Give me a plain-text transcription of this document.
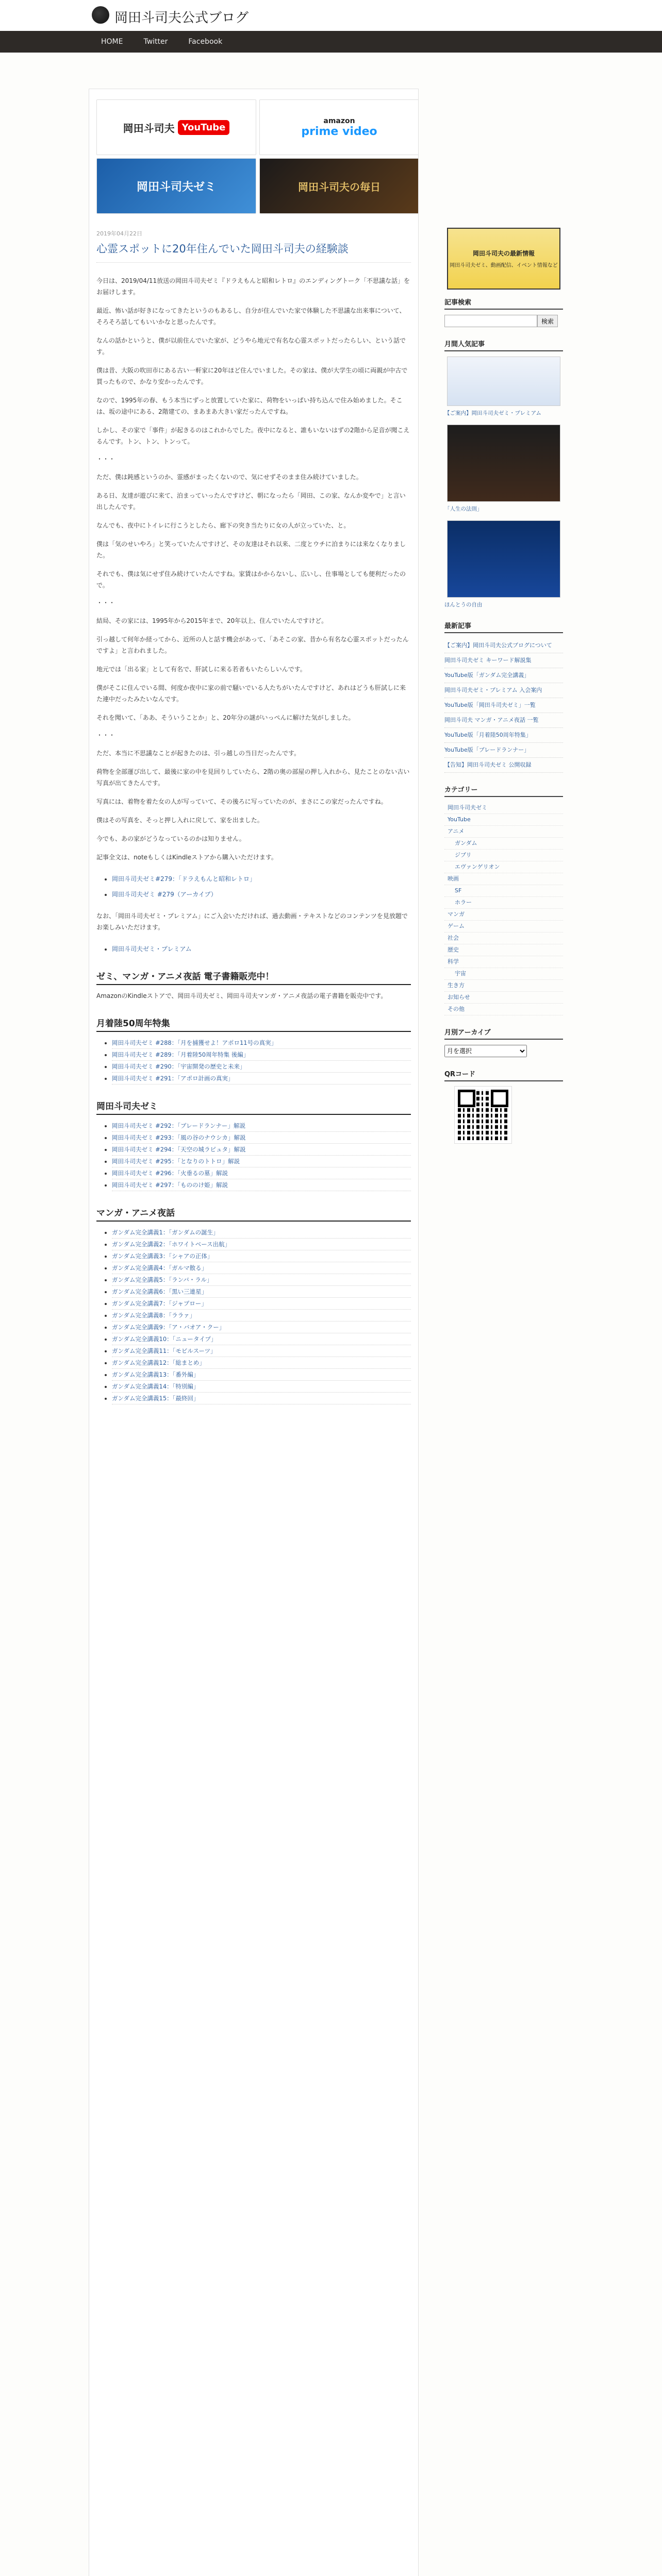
岡田斗司夫公式ブログ
HOME	Twitter	Facebook
岡田斗司夫 YouTube
amazon
prime video
岡田斗司夫ゼミ	岡田斗司夫の毎日
2019年04月22日
心霊スポットに20年住んでいた岡田斗司夫の経験談

今日は、2019/04/11放送の岡田斗司夫ゼミ『ドラえもんと昭和レトロ』のエンディングトーク「不思議な話」をお届けします。

最近、怖い話が好きになってきたというのもあるし、自分が住んでいた家で体験した不思議な出来事について、そろそろ話してもいいかなと思ったんです。

なんの話かというと、僕が以前住んでいた家が、どうやら地元で有名な心霊スポットだったらしい、という話です。

僕は昔、大阪の吹田市にある古い一軒家に20年ほど住んでいました。その家は、僕が大学生の頃に両親が中古で買ったもので、かなり安かったんです。

なので、1995年の春、もう本当にずっと放置していた家に、荷物をいっぱい持ち込んで住み始めました。そこは、坂の途中にある、2階建ての、まあまあ大きい家だったんですね。

しかし、その家で「事件」が起きるのはこれからでした。夜中になると、誰もいないはずの2階から足音が聞こえるんです。トン、トン、トンって。

・・・

ただ、僕は鈍感というのか、霊感がまったくないので、気にせずそのまま住み続けていました。

ある日、友達が遊びに来て、泊まっていったんですけど、朝になったら「岡田、この家、なんか変やで」と言い出したんです。

なんでも、夜中にトイレに行こうとしたら、廊下の突き当たりに女の人が立っていた、と。

僕は「気のせいやろ」と笑っていたんですけど、その友達はそれ以来、二度とウチに泊まりには来なくなりました。

それでも、僕は気にせず住み続けていたんですね。家賃はかからないし、広いし、仕事場としても便利だったので。

・・・

結局、その家には、1995年から2015年まで、20年以上、住んでいたんですけど。

引っ越して何年か経ってから、近所の人と話す機会があって、「あそこの家、昔から有名な心霊スポットだったんですよ」と言われました。

地元では「出る家」として有名で、肝試しに来る若者もいたらしいんです。

僕がそこに住んでいる間、何度か夜中に家の前で騒いでいる人たちがいたんですけど、あれはどうも肝試しに来た連中だったみたいなんです。

それを聞いて、「ああ、そういうことか」と、20年分の謎がいっぺんに解けた気がしました。

・・・

ただ、本当に不思議なことが起きたのは、引っ越しの当日だったんです。

荷物を全部運び出して、最後に家の中を見回りしていたら、2階の奥の部屋の押し入れから、見たことのない古い写真が出てきたんです。

写真には、着物を着た女の人が写っていて、その後ろに写っていたのが、まさにこの家だったんですね。

僕はその写真を、そっと押し入れに戻して、家を出ました。

今でも、あの家がどうなっているのかは知りません。

記事全文は、noteもしくはKindleストアから購入いただけます。

• 岡田斗司夫ゼミ#279：「ドラえもんと昭和レトロ」
• 岡田斗司夫ゼミ #279（アーカイブ）

なお、「岡田斗司夫ゼミ・プレミアム」にご入会いただければ、過去動画・テキストなどのコンテンツを見放題でお楽しみいただけます。

• 岡田斗司夫ゼミ・プレミアム
ゼミ、マンガ・アニメ夜話 電子書籍販売中！

AmazonのKindleストアで、岡田斗司夫ゼミ、岡田斗司夫マンガ・アニメ夜話の電子書籍を販売中です。

月着陸50周年特集
• 岡田斗司夫ゼミ #288：「月を捕獲せよ！アポロ11号の真実」
• 岡田斗司夫ゼミ #289：「月着陸50周年特集 後編」
• 岡田斗司夫ゼミ #290：「宇宙開発の歴史と未来」
• 岡田斗司夫ゼミ #291：「アポロ計画の真実」
岡田斗司夫ゼミ
• 岡田斗司夫ゼミ #292：「ブレードランナー」解説
• 岡田斗司夫ゼミ #293：「風の谷のナウシカ」解説
• 岡田斗司夫ゼミ #294：「天空の城ラピュタ」解説
• 岡田斗司夫ゼミ #295：「となりのトトロ」解説
• 岡田斗司夫ゼミ #296：「火垂るの墓」解説
• 岡田斗司夫ゼミ #297：「もののけ姫」解説
マンガ・アニメ夜話
• ガンダム完全講義1：「ガンダムの誕生」
• ガンダム完全講義2：「ホワイトベース出航」
• ガンダム完全講義3：「シャアの正体」
• ガンダム完全講義4：「ガルマ散る」
• ガンダム完全講義5：「ランバ・ラル」
• ガンダム完全講義6：「黒い三連星」
• ガンダム完全講義7：「ジャブロー」
• ガンダム完全講義8：「ララァ」
• ガンダム完全講義9：「ア・バオア・クー」
• ガンダム完全講義10：「ニュータイプ」
• ガンダム完全講義11：「モビルスーツ」
• ガンダム完全講義12：「総まとめ」
• ガンダム完全講義13：「番外編」
• ガンダム完全講義14：「特別編」
• ガンダム完全講義15：「最終回」
岡田斗司夫の最新情報
岡田斗司夫ゼミ、動画配信、イベント情報など
記事検索
検索
月間人気記事
【ご案内】岡田斗司夫ゼミ・プレミアム
「人生の法則」
ほんとうの自由
最新記事
【ご案内】岡田斗司夫公式ブログについて
岡田斗司夫ゼミ キーワード解説集
YouTube版「ガンダム完全講義」
岡田斗司夫ゼミ・プレミアム 入会案内
YouTube版「岡田斗司夫ゼミ」一覧
岡田斗司夫 マンガ・アニメ夜話 一覧
YouTube版「月着陸50周年特集」
YouTube版「ブレードランナー」
【告知】岡田斗司夫ゼミ 公開収録
カテゴリー
岡田斗司夫ゼミ
YouTube
アニメ
ガンダム
ジブリ
エヴァンゲリオン
映画
SF
ホラー
マンガ
ゲーム
社会
歴史
科学
宇宙
生き方
お知らせ
その他
月別アーカイブ
月を選択
QRコード
